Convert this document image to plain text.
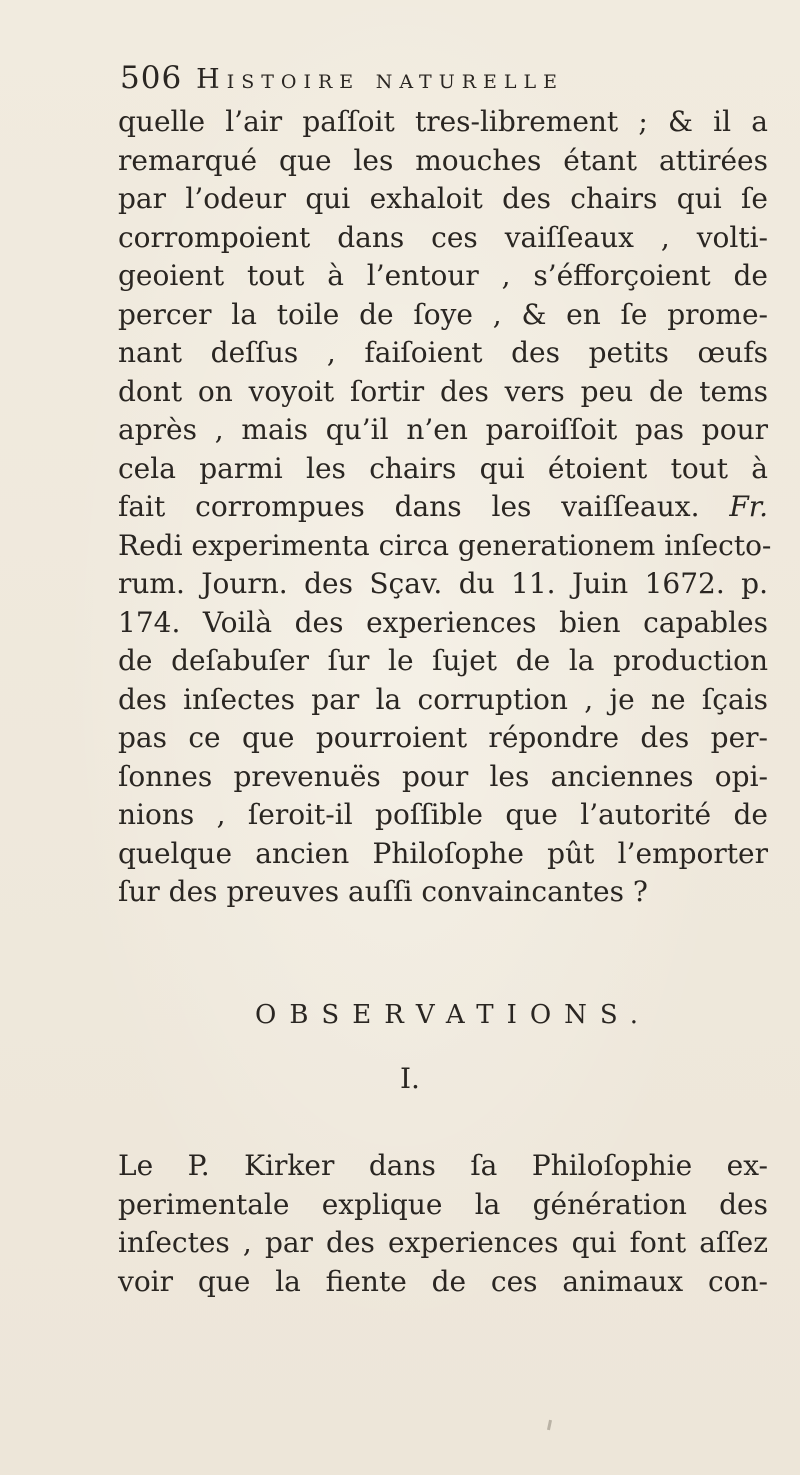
506 Histoire naturelle
quelle l’air paſſoit tres-librement ; & il a
remarqué que les mouches étant attirées
par l’odeur qui exhaloit des chairs qui ſe
corrompoient dans ces vaiſſeaux , volti-
geoient tout à l’entour , s’éfforçoient de
percer la toile de ſoye , & en ſe prome-
nant deſſus , faiſoient des petits œufs
dont on voyoit ſortir des vers peu de tems
après , mais qu’il n’en paroiſſoit pas pour
cela parmi les chairs qui étoient tout à
fait corrompues dans les vaiſſeaux. Fr.
Redi experimenta circa generationem inſecto-
rum. Journ. des Sçav. du 11. Juin 1672. p.
174. Voilà des experiences bien capables
de deſabuſer ſur le ſujet de la production
des inſectes par la corruption , je ne ſçais
pas ce que pourroient répondre des per-
ſonnes prevenuës pour les anciennes opi-
nions , ſeroit-il poſſible que l’autorité de
quelque ancien Philoſophe pût l’emporter
ſur des preuves auſſi convaincantes ?
OBSERVATIONS.
I.
Le P. Kirker dans ſa Philoſophie ex-
perimentale explique la génération des
inſectes , par des experiences qui font aſſez
voir que la fiente de ces animaux con-
